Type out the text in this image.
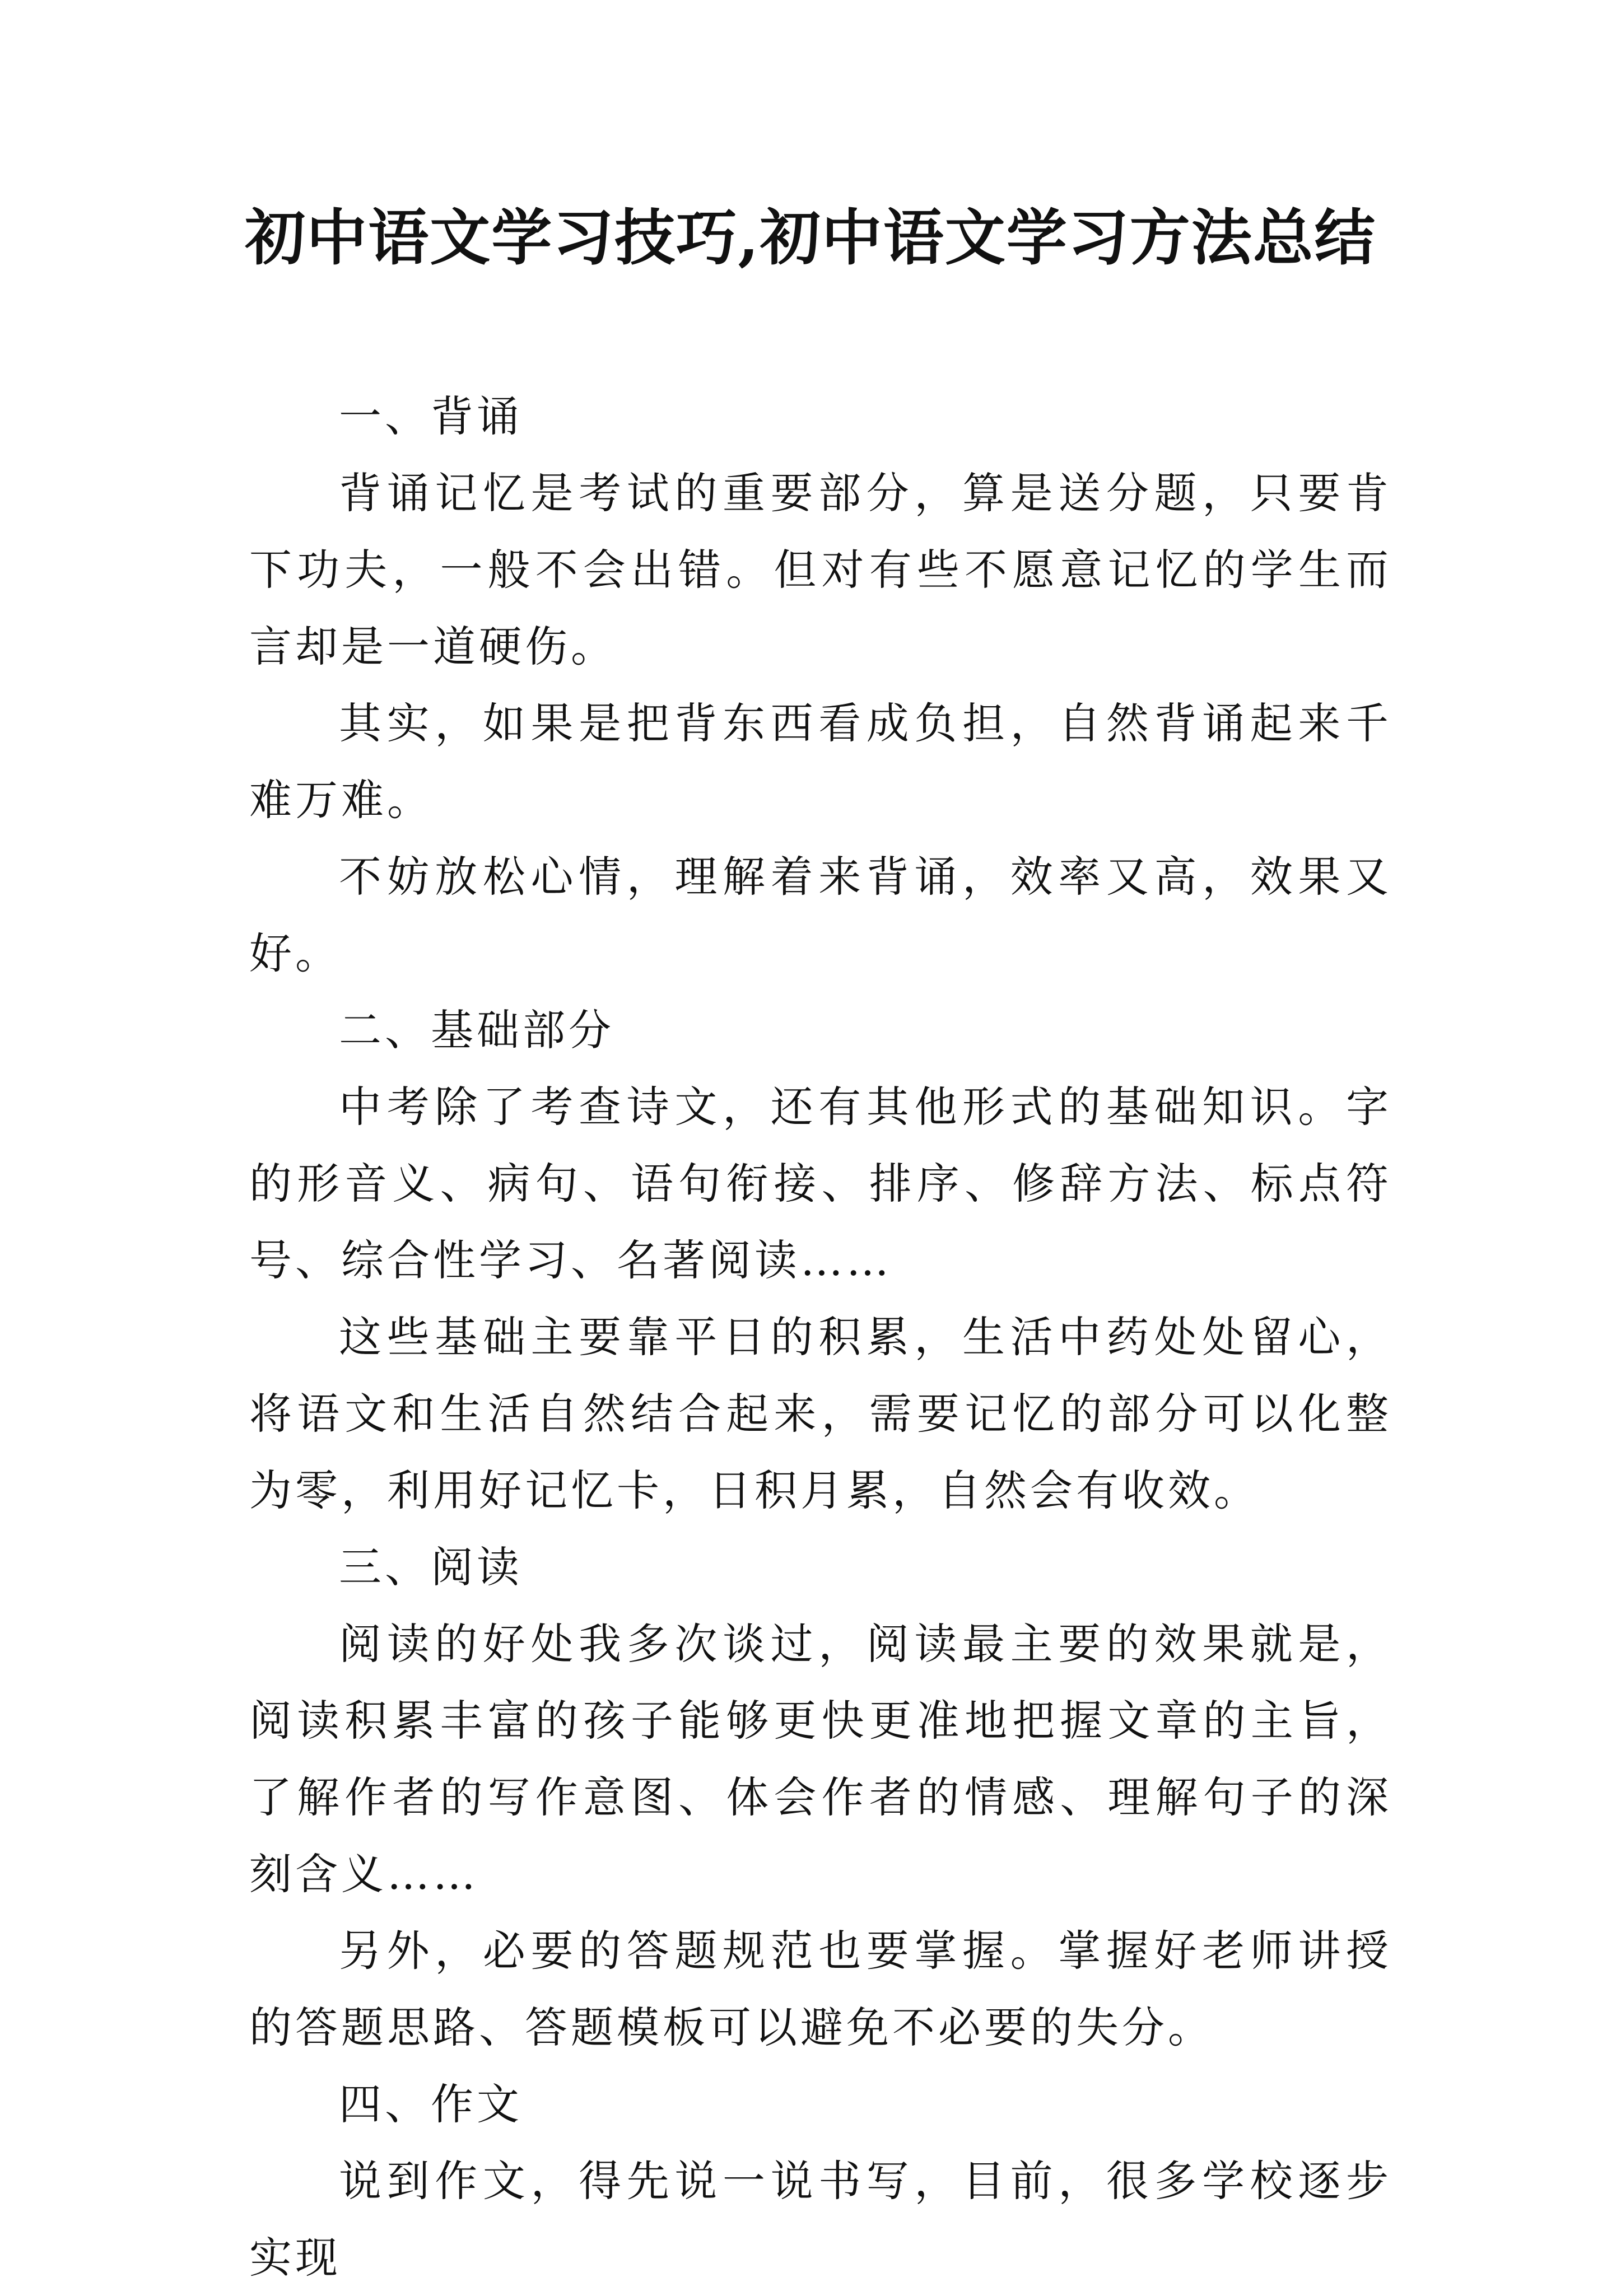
初中语文学习技巧,初中语文学习方法总结

一、背诵

背诵记忆是考试的重要部分，算是送分题，只要肯下功夫，一般不会出错。但对有些不愿意记忆的学生而言却是一道硬伤。

其实，如果是把背东西看成负担，自然背诵起来千难万难。

不妨放松心情，理解着来背诵，效率又高，效果又好。

二、基础部分

中考除了考查诗文，还有其他形式的基础知识。字的形音义、病句、语句衔接、排序、修辞方法、标点符号、综合性学习、名著阅读……

这些基础主要靠平日的积累，生活中药处处留心，将语文和生活自然结合起来，需要记忆的部分可以化整为零，利用好记忆卡，日积月累，自然会有收效。

三、阅读

阅读的好处我多次谈过，阅读最主要的效果就是，阅读积累丰富的孩子能够更快更准地把握文章的主旨，了解作者的写作意图、体会作者的情感、理解句子的深刻含义……

另外，必要的答题规范也要掌握。掌握好老师讲授的答题思路、答题模板可以避免不必要的失分。

四、作文

说到作文，得先说一说书写，目前，很多学校逐步实现
